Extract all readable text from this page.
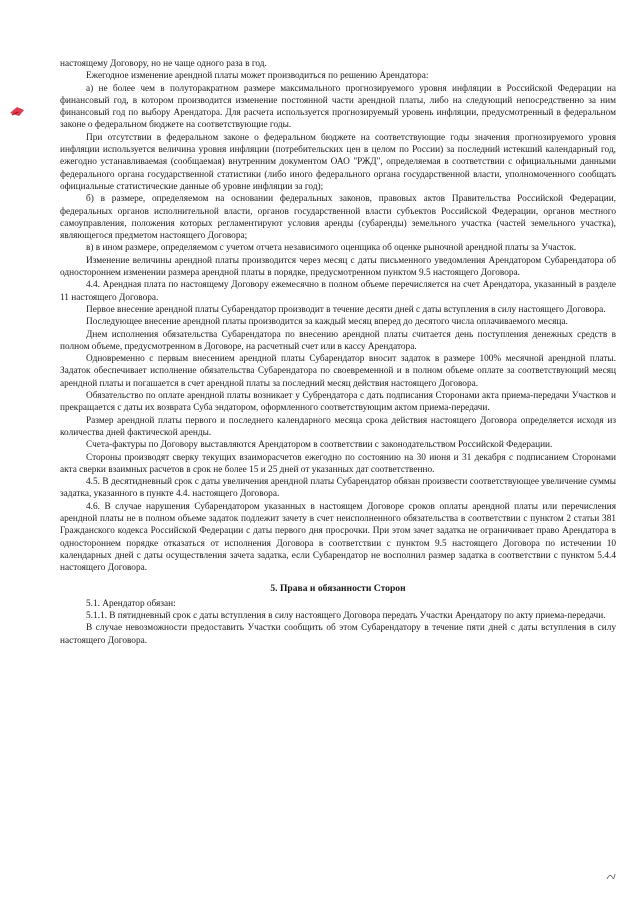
настоящему Договору, но не чаще одного раза в год.

Ежегодное изменение арендной платы может производиться по решению Арендатора:

а) не более чем в полуторакратном размере максимального прогнозируемого уровня инфляции в Российской Федерации на финансовый год, в котором производится изменение постоянной части арендной платы, либо на следующий непосредственно за ним финансовый год по выбору Арендатора. Для расчета используется прогнозируемый уровень инфляции, предусмотренный в федеральном законе о федеральном бюджете на соответствующие годы.

При отсутствии в федеральном законе о федеральном бюджете на соответствующие годы значения прогнозируемого уровня инфляции используется величина уровня инфляции (потребительских цен в целом по России) за последний истекший календарный год, ежегодно устанавливаемая (сообщаемая) внутренним документом ОАО "РЖД", определяемая в соответствии с официальными данными федерального органа государственной статистики (либо иного федерального органа государственной власти, уполномоченного сообщать официальные статистические данные об уровне инфляции за год);

б) в размере, определяемом на основании федеральных законов, правовых актов Правительства Российской Федерации, федеральных органов исполнительной власти, органов государственной власти субъектов Российской Федерации, органов местного самоуправления, положения которых регламентируют условия аренды (субаренды) земельного участка (частей земельного участка), являющегося предметом настоящего Договора;

в) в ином размере, определяемом с учетом отчета независимого оценщика об оценке рыночной арендной платы за Участок.

Изменение величины арендной платы производится через месяц с даты письменного уведомления Арендатором Субарендатора об одностороннем изменении размера арендной платы в порядке, предусмотренном пунктом 9.5 настоящего Договора.

4.4. Арендная плата по настоящему Договору ежемесячно в полном объеме перечисляется на счет Арендатора, указанный в разделе 11 настоящего Договора.

Первое внесение арендной платы Субарендатор производит в течение десяти дней с даты вступления в силу настоящего Договора.

Последующее внесение арендной платы производится за каждый месяц вперед до десятого числа оплачиваемого месяца.

Днем исполнения обязательства Субарендатора по внесению арендной платы считается день поступления денежных средств в полном объеме, предусмотренном в Договоре, на расчетный счет или в кассу Арендатора.

Одновременно с первым внесением арендной платы Субарендатор вносит задаток в размере 100% месячной арендной платы. Задаток обеспечивает исполнение обязательства Субарендатора по своевременной и в полном объеме оплате за соответствующий месяц арендной платы и погашается в счет арендной платы за последний месяц действия настоящего Договора.

Обязательство по оплате арендной платы возникает у Субрендатора с дать подписания Сторонами акта приема-передачи Участков и прекращается с даты их возврата Суба эндатором, оформленного соответствующим актом приема-передачи.

Размер арендной платы первого и последнего календарного месяца срока действия настоящего Договора определяется исходя из количества дней фактической аренды.

Счета-фактуры по Договору выставляются Арендатором в соответствии с законодательством Российской Федерации.

Стороны производят сверку текущих взаиморасчетов ежегодно по состоянию на 30 июня и 31 декабря с подписанием Сторонами акта сверки взаимных расчетов в срок не более 15 и 25 дней от указанных дат соответственно.

4.5. В десятидневный срок с даты увеличения арендной платы Субарендатор обязан произвести соответствующее увеличение суммы задатка, указанного в пункте 4.4. настоящего Договора.

4.6. В случае нарушения Субарендатором указанных в настоящем Договоре сроков оплаты арендной платы или перечисления арендной платы не в полном объеме задаток подлежит зачету в счет неисполненного обязательства в соответствии с пунктом 2 статьи 381 Гражданского кодекса Российской Федерации с даты первого дня просрочки. При этом зачет задатка не ограничивает право Арендатора в одностороннем порядке отказаться от исполнения Договора в соответствии с пунктом 9.5 настоящего Договора по истечении 10 календарных дней с даты осуществления зачета задатка, если Субарендатор не восполнил размер задатка в соответствии с пунктом 5.4.4 настоящего Договора.

5. Права и обязанности Сторон

5.1. Арендатор обязан:

5.1.1. В пятидневный срок с даты вступления в силу настоящего Договора передать Участки Арендатору по акту приема-передачи.

В случае невозможности предоставить Участки сообщить об этом Субарендатору в течение пяти дней с даты вступления в силу настоящего Договора.
